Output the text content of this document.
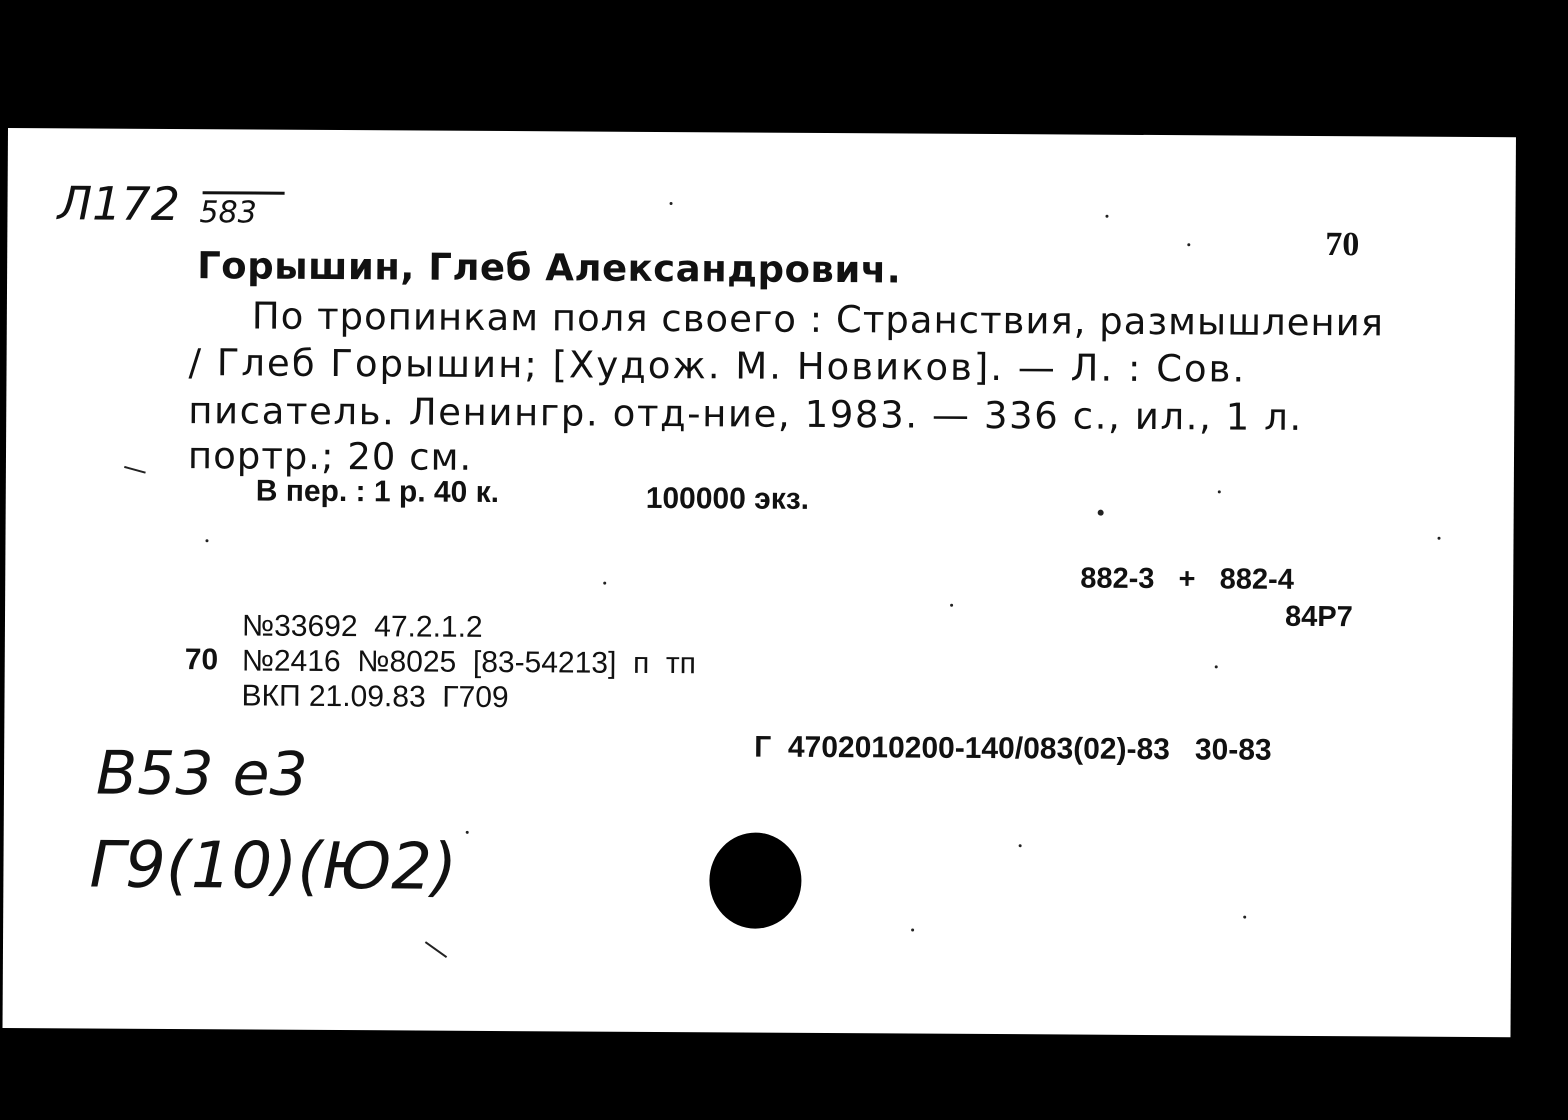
Л172 583
70
Горышин, Глеб Александрович.
По тропинкам поля своего : Странствия, размышления
/ Глеб Горышин; [Худож. М. Новиков]. — Л. : Сов.
писатель. Ленингр. отд-ние, 1983. — 336 с., ил., 1 л.
портр.; 20 см.
В пер. : 1 р. 40 к.	100000 экз.
882-3   +   882-4
84Р7
№33692  47.2.1.2
70 №2416  №8025  [83-54213]  п  тп
ВКП 21.09.83  Г709
Г  4702010200-140/083(02)-83   30-83
В53 е3
Г9(10)(Ю2)
